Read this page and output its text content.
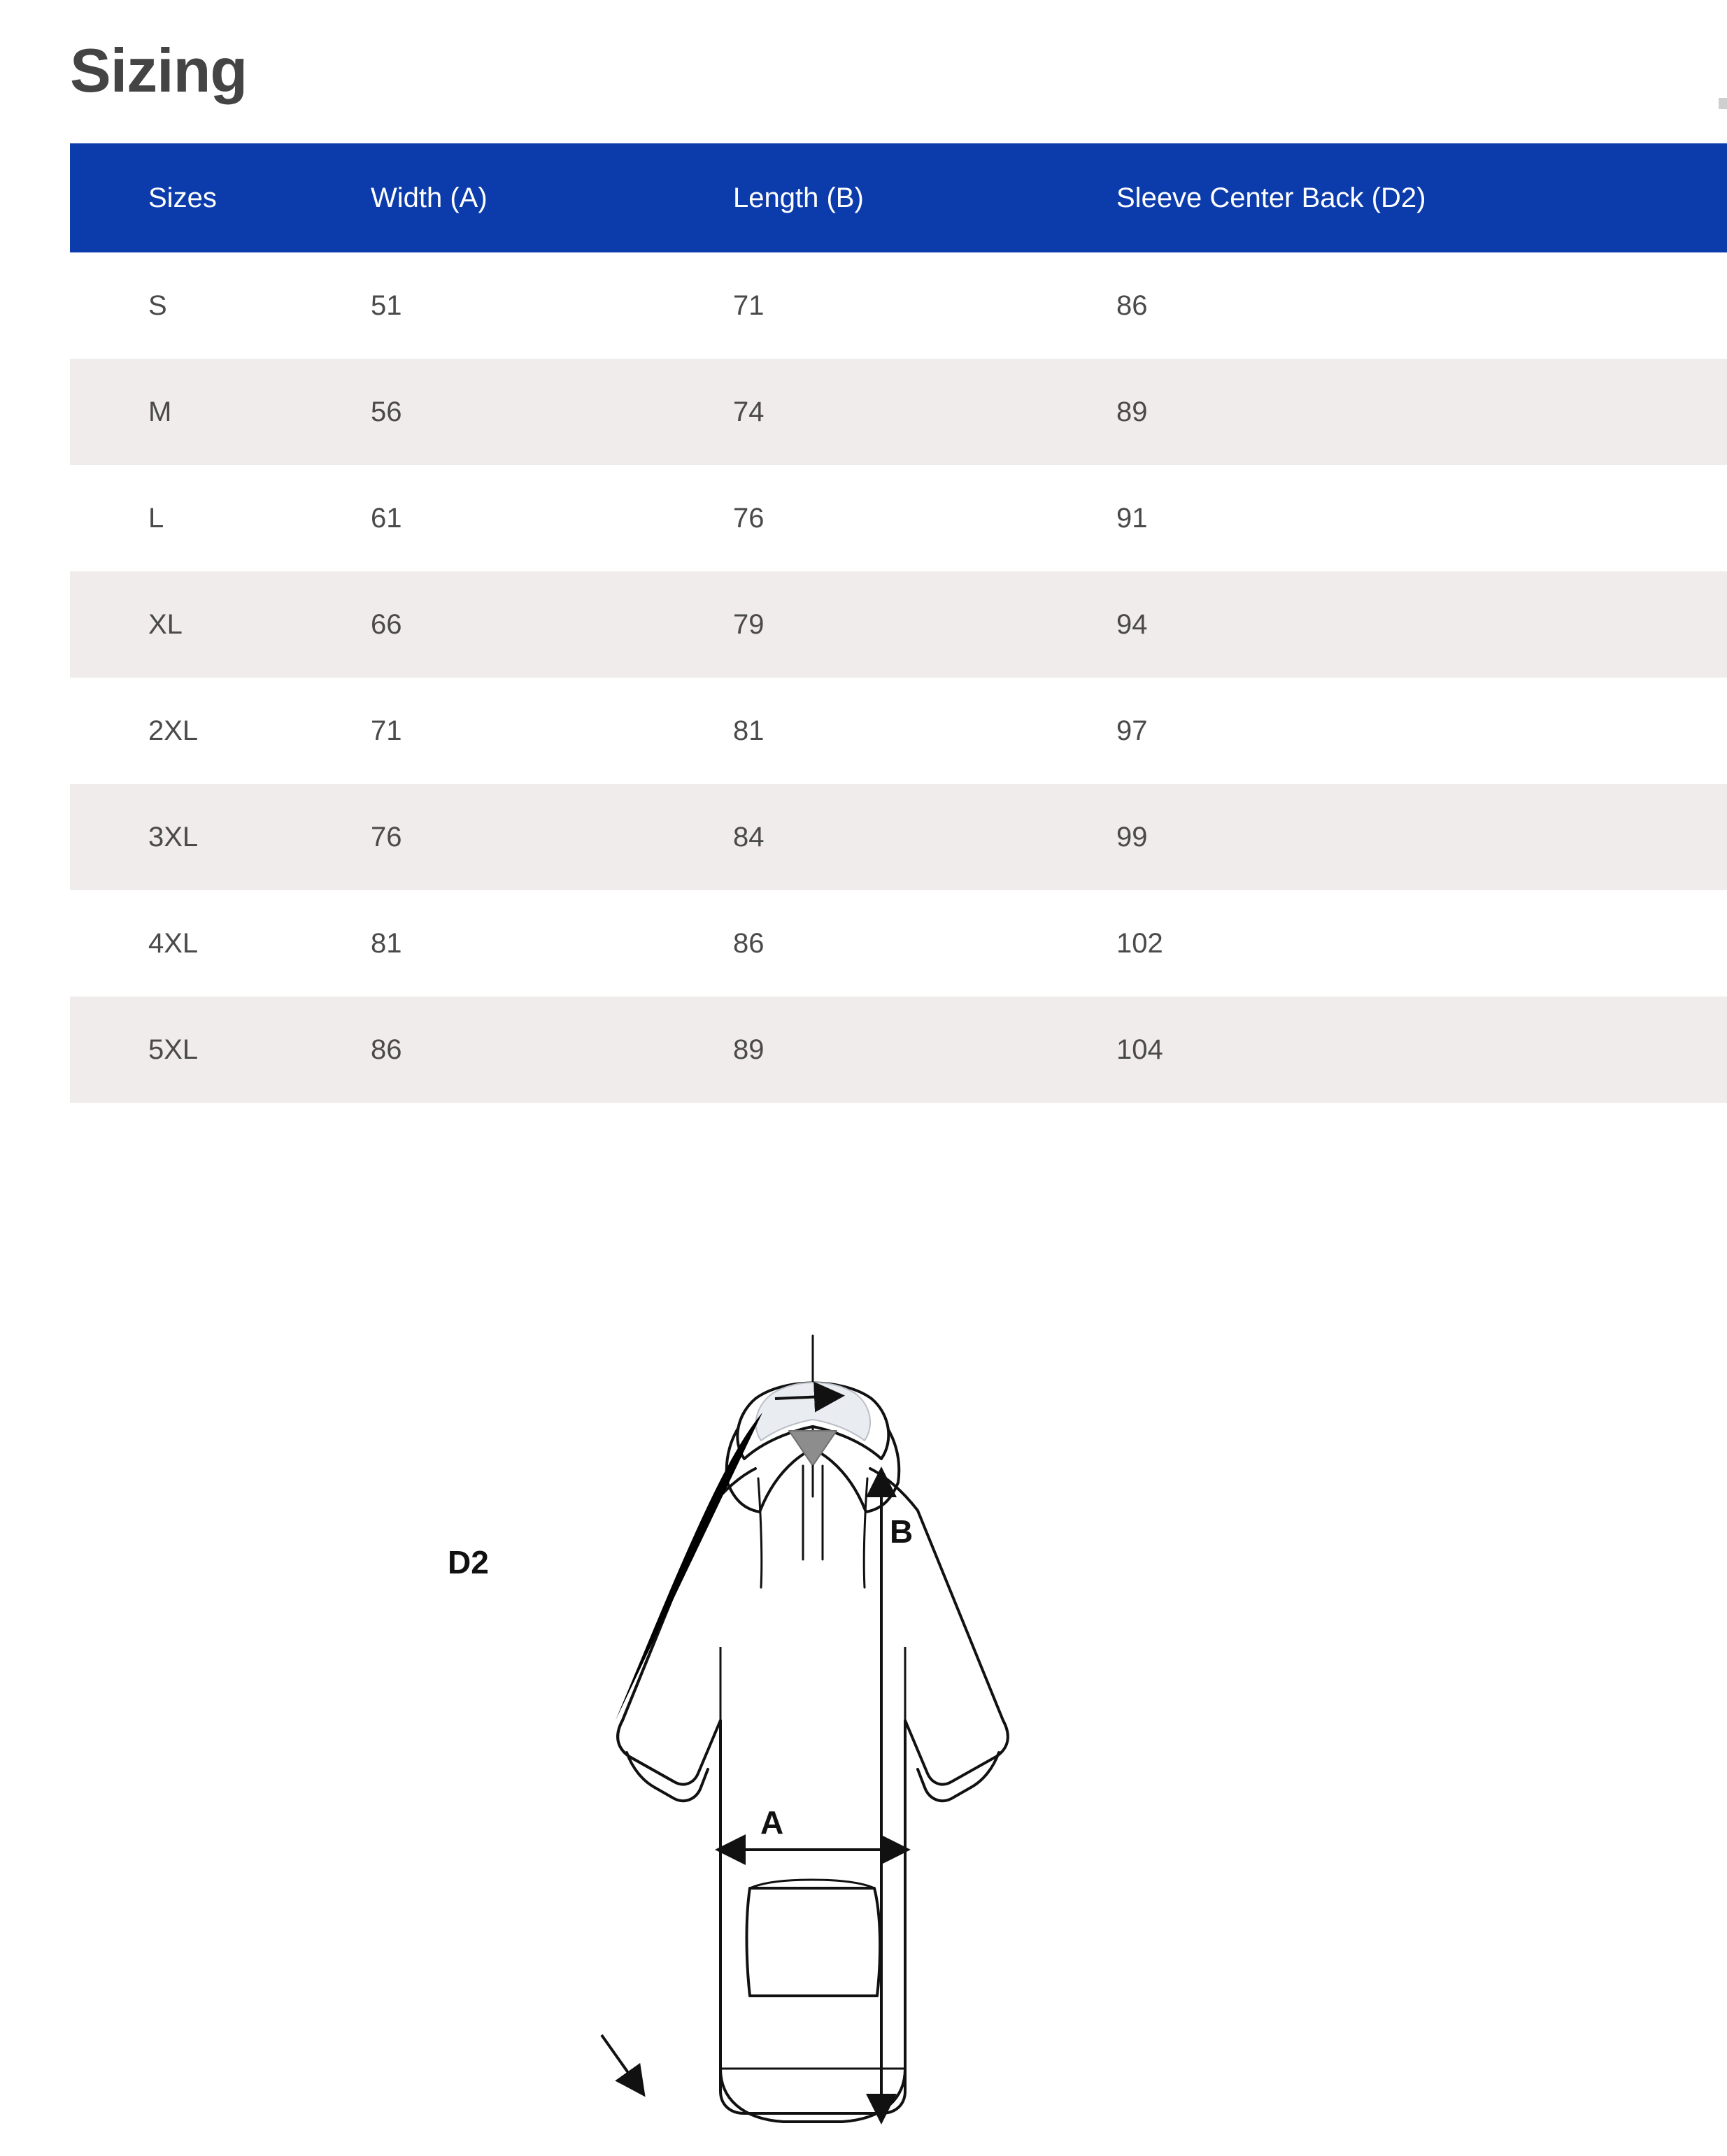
Sizing
Sizes	Width (A)	Length (B)	Sleeve Center Back (D2)
S	51	71	86
M	56	74	89
L	61	76	91
XL	66	79	94
2XL	71	81	97
3XL	76	84	99
4XL	81	86	102
5XL	86	89	104
A
B
D2
